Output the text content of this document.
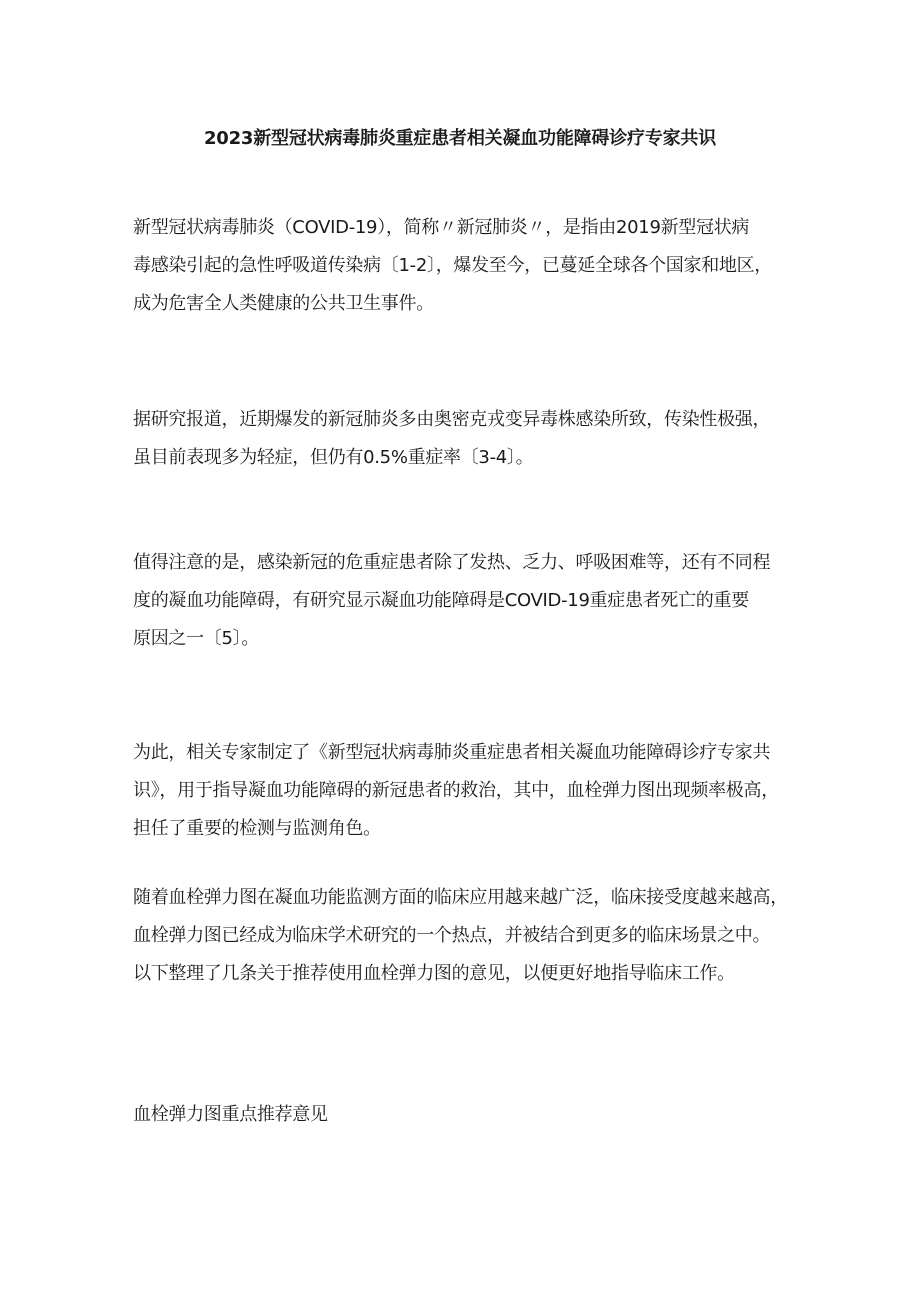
2023新型冠状病毒肺炎重症患者相关凝血功能障碍诊疗专家共识

新型冠状病毒肺炎（COVID-19），简称〃新冠肺炎〃，是指由2019新型冠状病
毒感染引起的急性呼吸道传染病〔1-2〕，爆发至今，已蔓延全球各个国家和地区，
成为危害全人类健康的公共卫生事件。

据研究报道，近期爆发的新冠肺炎多由奥密克戎变异毒株感染所致，传染性极强，
虽目前表现多为轻症，但仍有0.5%重症率〔3-4〕。

值得注意的是，感染新冠的危重症患者除了发热、乏力、呼吸困难等，还有不同程
度的凝血功能障碍，有研究显示凝血功能障碍是COVID-19重症患者死亡的重要
原因之一〔5〕。

为此，相关专家制定了《新型冠状病毒肺炎重症患者相关凝血功能障碍诊疗专家共
识》，用于指导凝血功能障碍的新冠患者的救治，其中，血栓弹力图出现频率极高，
担任了重要的检测与监测角色。

随着血栓弹力图在凝血功能监测方面的临床应用越来越广泛，临床接受度越来越高，
血栓弹力图已经成为临床学术研究的一个热点，并被结合到更多的临床场景之中。
以下整理了几条关于推荐使用血栓弹力图的意见，以便更好地指导临床工作。

血栓弹力图重点推荐意见
